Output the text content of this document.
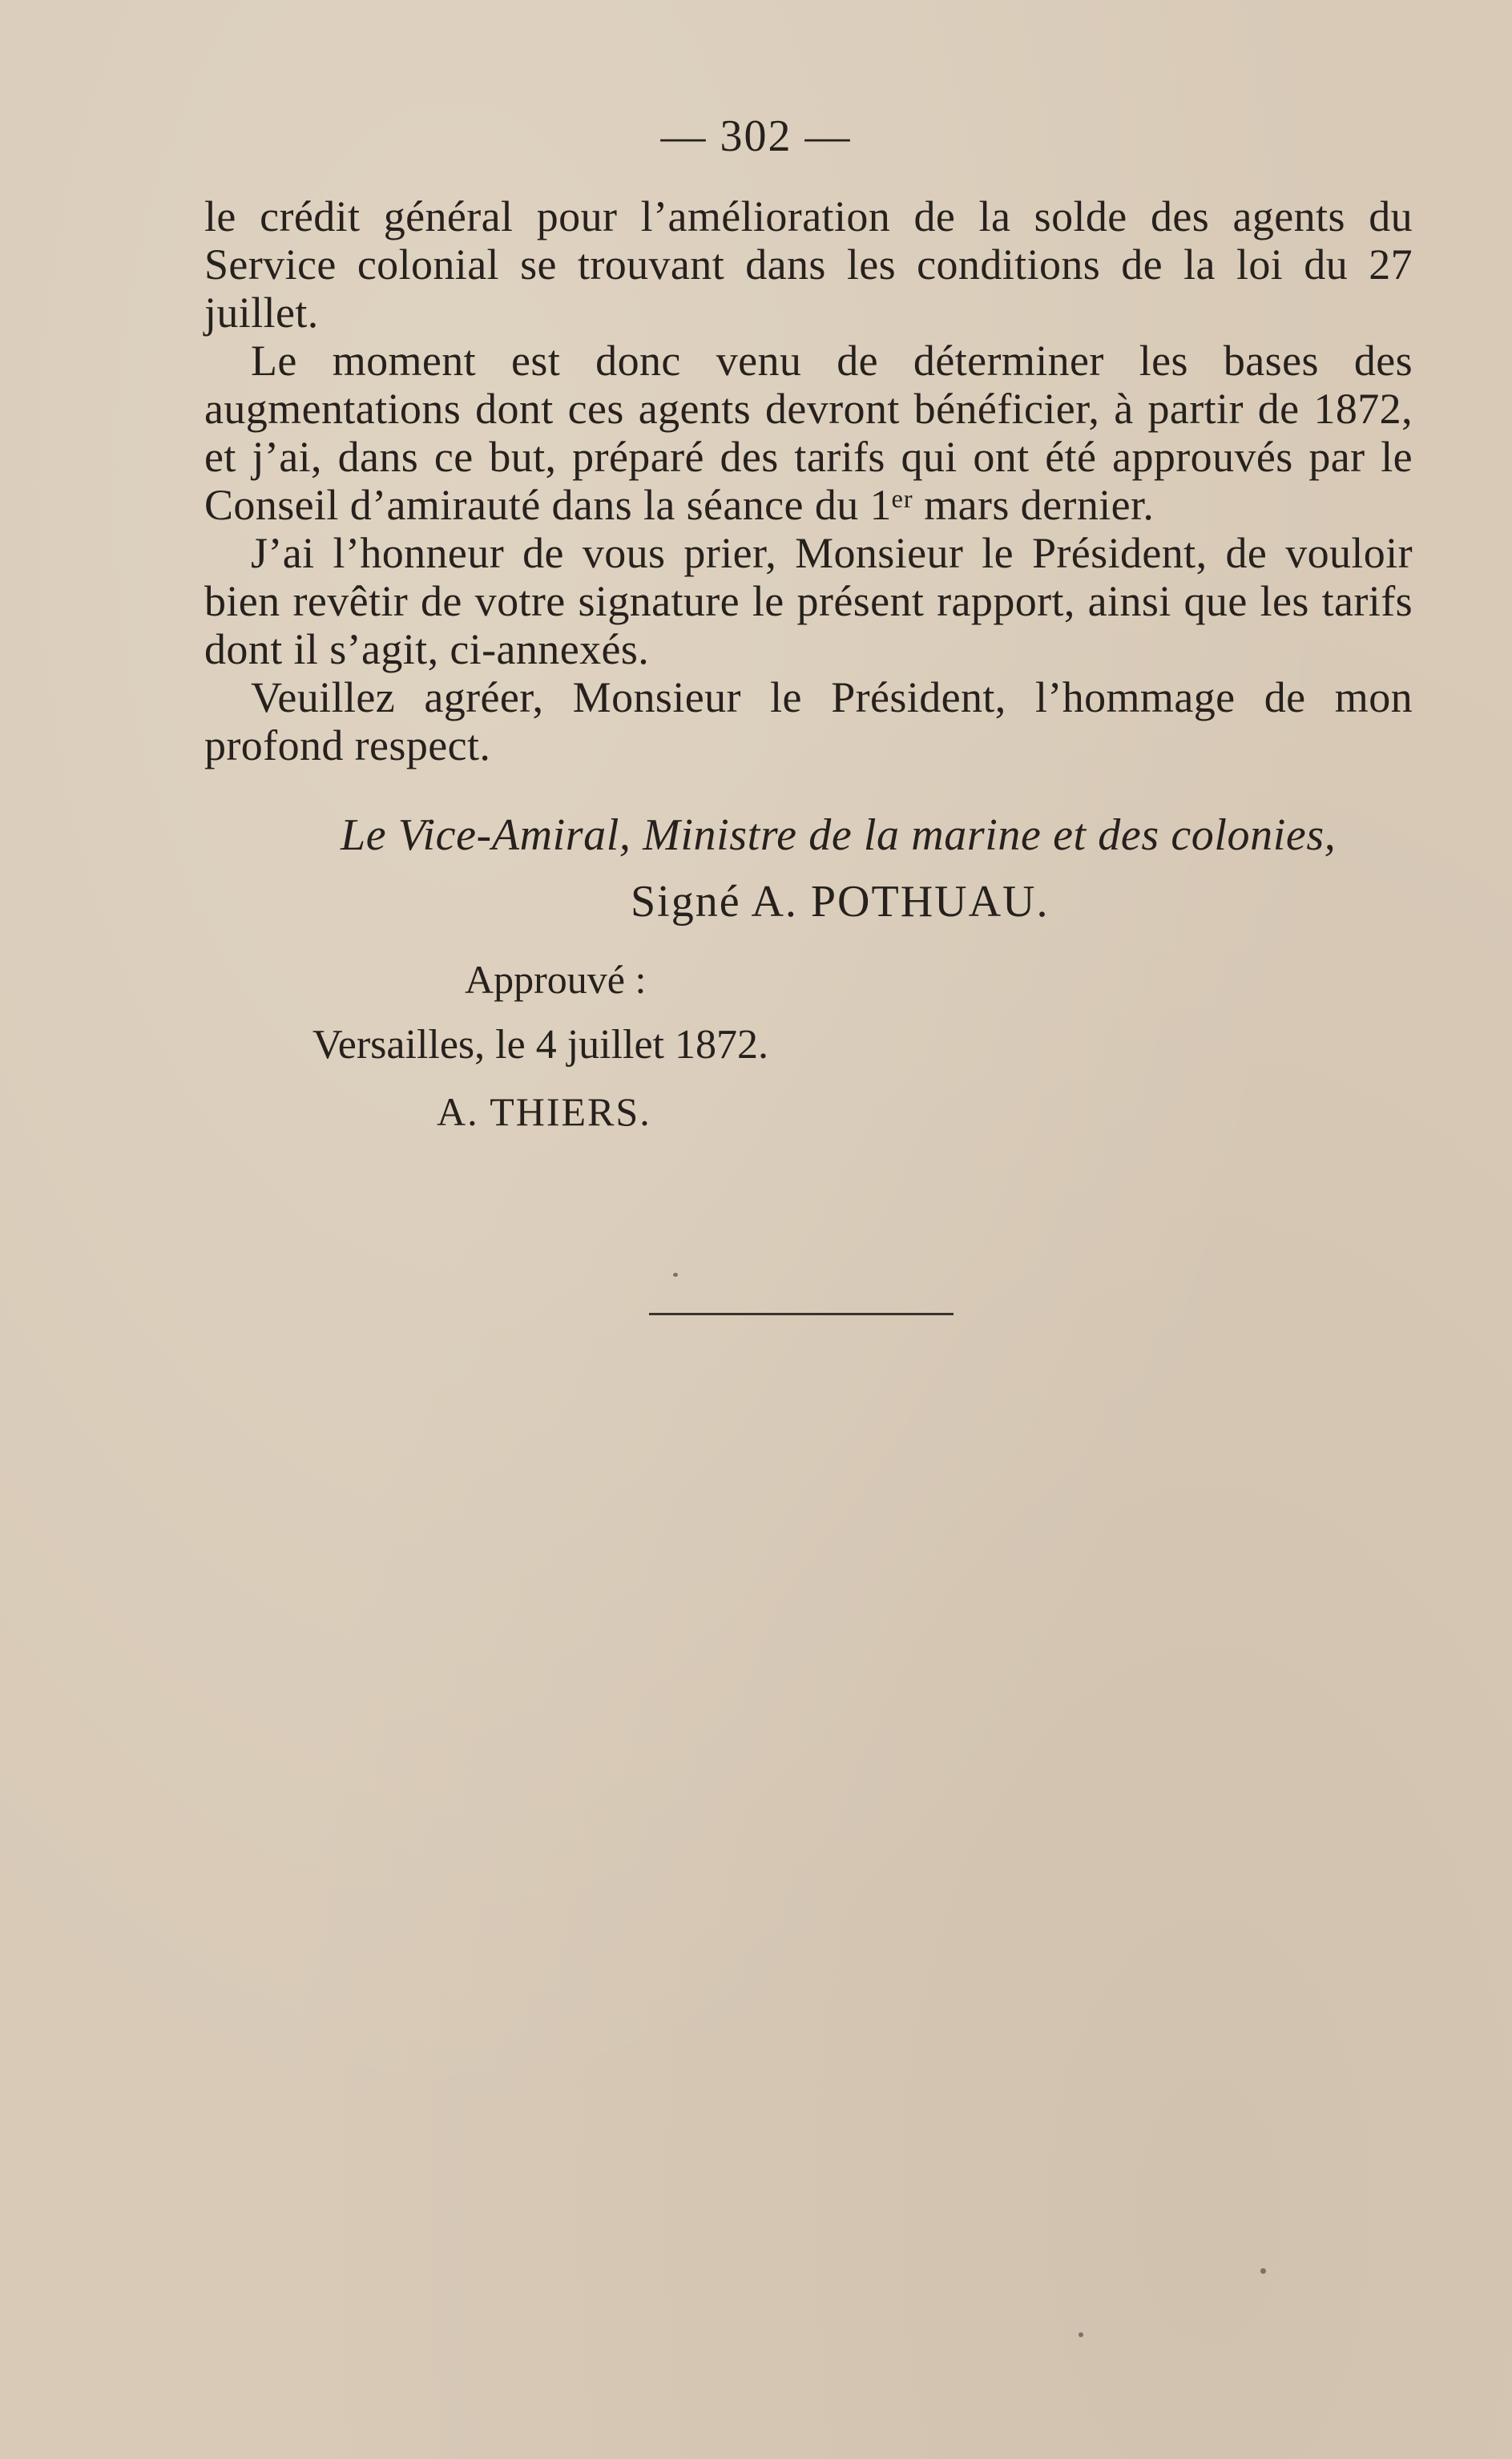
— 302 —

le crédit général pour l’amélioration de la solde des agents du Service colonial se trouvant dans les conditions de la loi du 27 juillet.

Le moment est donc venu de déterminer les bases des augmentations dont ces agents devront bénéficier, à partir de 1872, et j’ai, dans ce but, préparé des tarifs qui ont été approuvés par le Conseil d’amirauté dans la séance du 1ᵉʳ mars dernier.

J’ai l’honneur de vous prier, Monsieur le Président, de vouloir bien revêtir de votre signature le présent rapport, ainsi que les tarifs dont il s’agit, ci-annexés.

Veuillez agréer, Monsieur le Président, l’hommage de mon profond respect.

Le Vice-Amiral, Ministre de la marine et des colonies,
Signé A. POTHUAU.
Approuvé :
Versailles, le 4 juillet 1872.
A. THIERS.
